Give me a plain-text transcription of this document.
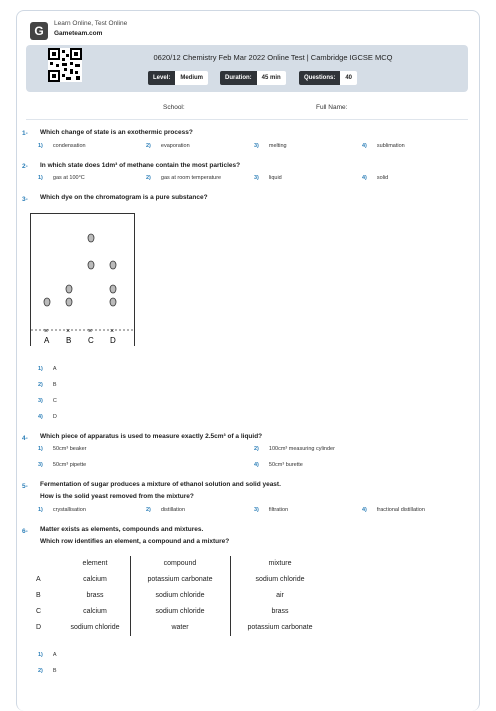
G
Learn Online, Test Online
Gameteam.com
0620/12 Chemistry Feb Mar 2022 Online Test | Cambridge IGCSE MCQ
Level:	Medium	Duration:	45 min	Questions:	40
School:	Full Name:
1- Which change of state is an exothermic process?
1) condensation	2) evaporation	3) melting	4) sublimation
2- In which state does 1dm³ of methane contain the most particles?
1) gas at 100°C	2) gas at room temperature	3) liquid	4) solid
3- Which dye on the chromatogram is a pure substance?
×	×	×	×
A B C D
1) A
2) B
3) C
4) D
4- Which piece of apparatus is used to measure exactly 2.5cm³ of a liquid?
1) 50cm³ beaker	2) 100cm³ measuring cylinder
3) 50cm³ pipette	4) 50cm³ burette
5- Fermentation of sugar produces a mixture of ethanol solution and solid yeast.
How is the solid yeast removed from the mixture?
1) crystallisation	2) distillation	3) filtration	4) fractional distillation
6- Matter exists as elements, compounds and mixtures.
Which row identifies an element, a compound and a mixture?
element	compound	mixture
A	calcium	potassium carbonate	sodium chloride
B	brass	sodium chloride	air
C	calcium	sodium chloride	brass
D	sodium chloride	water	potassium carbonate
1) A
2) B
